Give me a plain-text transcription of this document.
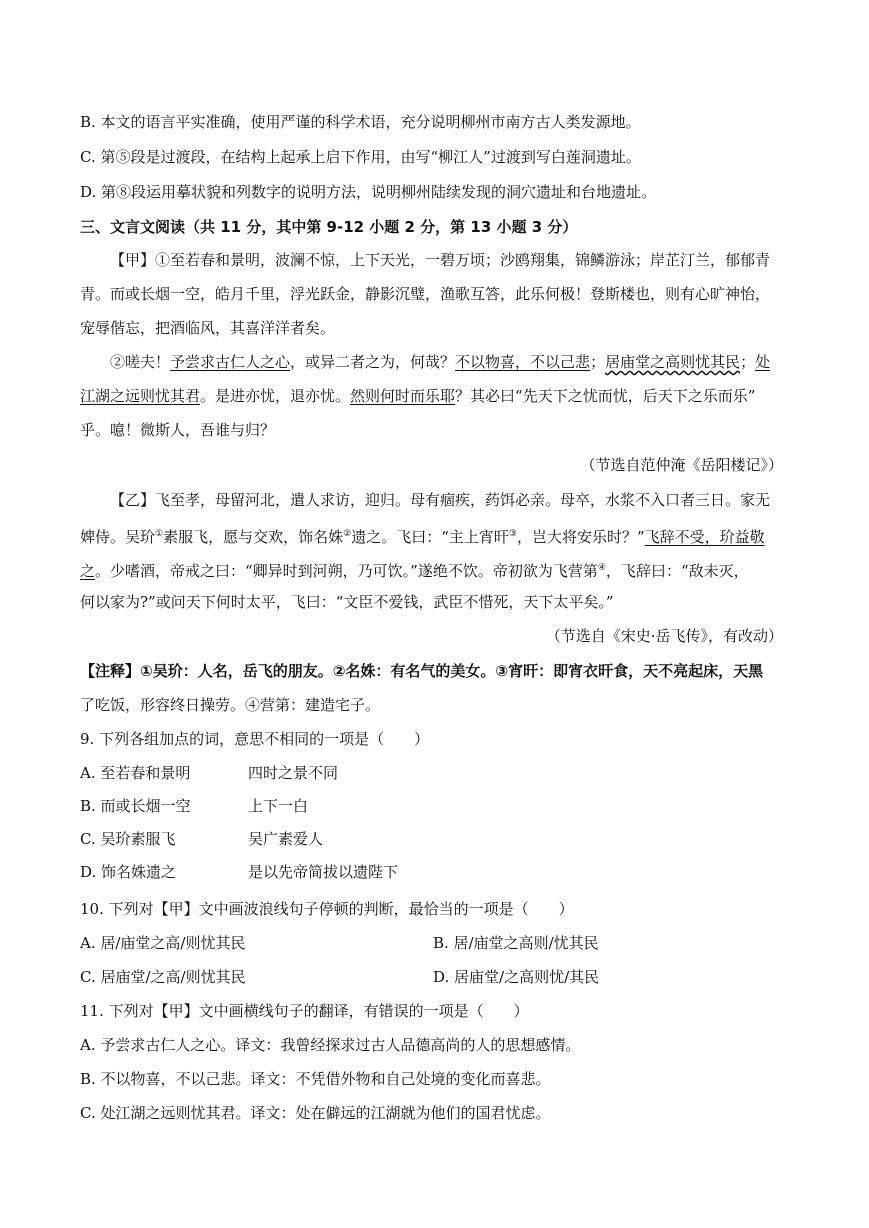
B. 本文的语言平实准确，使用严谨的科学术语，充分说明柳州市南方古人类发源地。
C. 第⑤段是过渡段，在结构上起承上启下作用，由写“柳江人”过渡到写白莲洞遗址。
D. 第⑧段运用摹状貌和列数字的说明方法，说明柳州陆续发现的洞穴遗址和台地遗址。
三、文言文阅读（共 11 分，其中第 9-12 小题 2 分，第 13 小题 3 分）
【甲】①至若春和景明，波澜不惊，上下天光，一碧万顷；沙鸥翔集，锦鳞游泳；岸芷汀兰，郁郁青
青。而或长烟一空，皓月千里，浮光跃金，静影沉璧，渔歌互答，此乐何极！登斯楼也，则有心旷神怡，
宠辱偕忘，把酒临风，其喜洋洋者矣。
②嗟夫！予尝求古仁人之心，或异二者之为，何哉？不以物喜，不以己悲；居庙堂之高则忧其民；处
江湖之远则忧其君。是进亦忧，退亦忧。然则何时而乐耶？其必曰“先天下之忧而忧，后天下之乐而乐”
乎。噫！微斯人，吾谁与归？
（节选自范仲淹《岳阳楼记》）
【乙】飞至孝，母留河北，遣人求访，迎归。母有痼疾，药饵必亲。母卒，水浆不入口者三日。家无
婢侍。吴玠①素服飞，愿与交欢，饰名姝②遗之。飞曰：“主上宵旰③，岂大将安乐时？”飞辞不受，玠益敬
之。少嗜酒，帝戒之曰：“卿异时到河朔，乃可饮。”遂绝不饮。帝初欲为飞营第④，飞辞曰：“敌未灭，
何以家为?”或问天下何时太平，飞曰：“文臣不爱钱，武臣不惜死，天下太平矣。”
（节选自《宋史·岳飞传》，有改动）
【注释】①吴玠：人名，岳飞的朋友。②名姝：有名气的美女。③宵旰：即宵衣旰食，天不亮起床，天黑
了吃饭，形容终日操劳。④营第：建造宅子。
9. 下列各组加点的词，意思不相同的一项是（　　）
A. 至若春和景明	四时之景不同
B. 而或长烟一空	上下一白
C. 吴玠素服飞	吴广素爱人
D. 饰名姝遗之	是以先帝简拔以遗陛下
10. 下列对【甲】文中画波浪线句子停顿的判断，最恰当的一项是（　　）
A. 居/庙堂之高/则忧其民	B. 居/庙堂之高则/忧其民
C. 居庙堂/之高/则忧其民	D. 居庙堂/之高则忧/其民
11. 下列对【甲】文中画横线句子的翻译，有错误的一项是（　　）
A. 予尝求古仁人之心。译文：我曾经探求过古人品德高尚的人的思想感情。
B. 不以物喜，不以己悲。译文：不凭借外物和自己处境的变化而喜悲。
C. 处江湖之远则忧其君。译文：处在僻远的江湖就为他们的国君忧虑。
